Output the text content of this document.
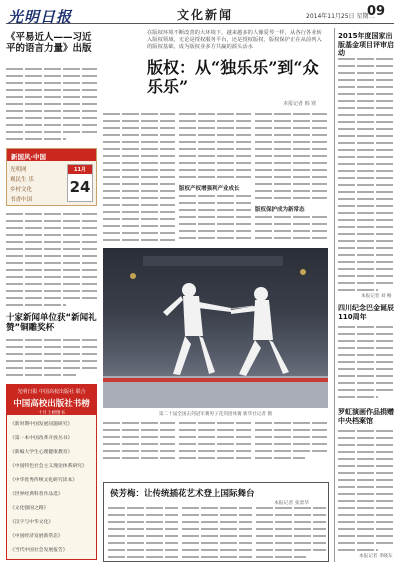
光明日报	文化新闻	2014年11月25日 星期二
09
《平易近人——习近平的语言力量》出版
新国风·中国
光明网
观民生 乐
乡村文化
书香中国
11月
24
十家新闻单位获“新闻礼赞”铜雕奖杯
光明日报 中国高校出版社 联合
中国高校出版社书榜
十月上榜图书
《新时期中国发展问题研究》
《第一本中国改革开放丛书》
《新编大学生心理健康教育》
《中国特色社会主义理论体系研究》
《中华优秀传统文化研究读本》
《世界经典科普作品选》
《文化强国之路》
《汉字与中华文化》
《中国经济发展新常态》
《当代中国社会发展报告》
在版权环境不断改善的大环境下，越来越多的人像爱琴一样，从各行各业转入版权领域，无论是授权服务平台，还是授权版权，版权保护正在从前列入的版权基础，成为版权业多方共赢的源头活水
版权：从“独乐乐”到“众乐乐”
本报记者 韩 寒
版权产权增强利产业成长
版权保护成为新常态
第二十届全国击剑冠军赛男子花剑团体赛 新华社记者 摄
侯芳梅：让传统插花艺术登上国际舞台
本报记者 张景华
2015年度国家出版基金项目评审启动
本报记者 刘 畅
四川纪念巴金诞辰110周年
罗虹演画作品捐赠中央档案馆
本报记者 李晓东
